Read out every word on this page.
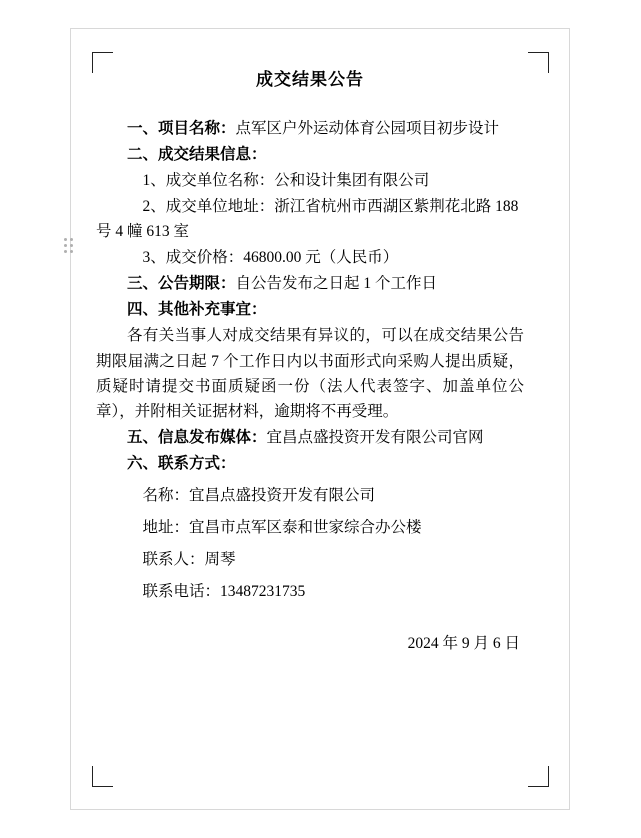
成交结果公告

一、项目名称：点军区户外运动体育公园项目初步设计

二、成交结果信息：

1、成交单位名称：公和设计集团有限公司

2、成交单位地址：浙江省杭州市西湖区紫荆花北路 188 号 4 幢 613 室

3、成交价格：46800.00 元（人民币）

三、公告期限：自公告发布之日起 1 个工作日

四、其他补充事宜：

各有关当事人对成交结果有异议的，可以在成交结果公告期限届满之日起 7 个工作日内以书面形式向采购人提出质疑，质疑时请提交书面质疑函一份（法人代表签字、加盖单位公章），并附相关证据材料，逾期将不再受理。

五、信息发布媒体：宜昌点盛投资开发有限公司官网

六、联系方式：

名称：宜昌点盛投资开发有限公司

地址：宜昌市点军区泰和世家综合办公楼

联系人：周琴

联系电话：13487231735

2024 年 9 月 6 日
